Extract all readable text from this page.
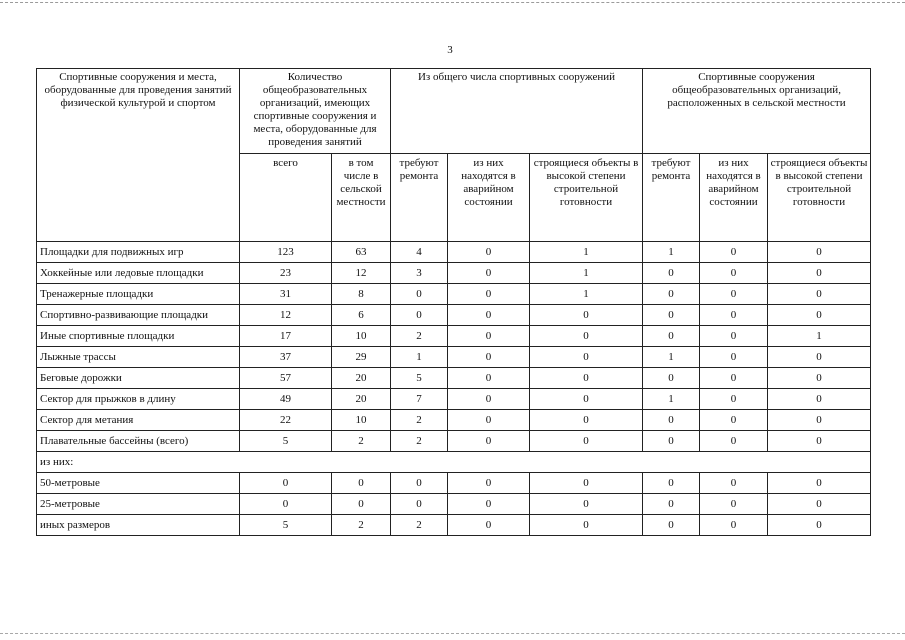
3
Спортивные сооружения и места, оборудованные для проведения занятий физической культурой и спортом	Количество общеобразовательных организаций, имеющих спортивные сооружения и места, оборудованные для проведения занятий		Из общего числа спортивных сооружений			Спортивные сооружения общеобразовательных организаций, расположенных в сельской местности		
	всего	в том числе в сельской местности	требуют ремонта	из них находятся в аварийном состоянии	строящиеся объекты в высокой степени строительной готовности	требуют ремонта	из них находятся в аварийном состоянии	строящиеся объекты в высокой степени строительной готовности
Площадки для подвижных игр	123	63	4	0	1	1	0	0
Хоккейные или ледовые площадки	23	12	3	0	1	0	0	0
Тренажерные площадки	31	8	0	0	1	0	0	0
Спортивно-развивающие площадки	12	6	0	0	0	0	0	0
Иные спортивные площадки	17	10	2	0	0	0	0	1
Лыжные трассы	37	29	1	0	0	1	0	0
Беговые дорожки	57	20	5	0	0	0	0	0
Сектор для прыжков в длину	49	20	7	0	0	1	0	0
Сектор для метания	22	10	2	0	0	0	0	0
Плавательные бассейны (всего)	5	2	2	0	0	0	0	0
из них:								
50-метровые	0	0	0	0	0	0	0	0
25-метровые	0	0	0	0	0	0	0	0
иных размеров	5	2	2	0	0	0	0	0
